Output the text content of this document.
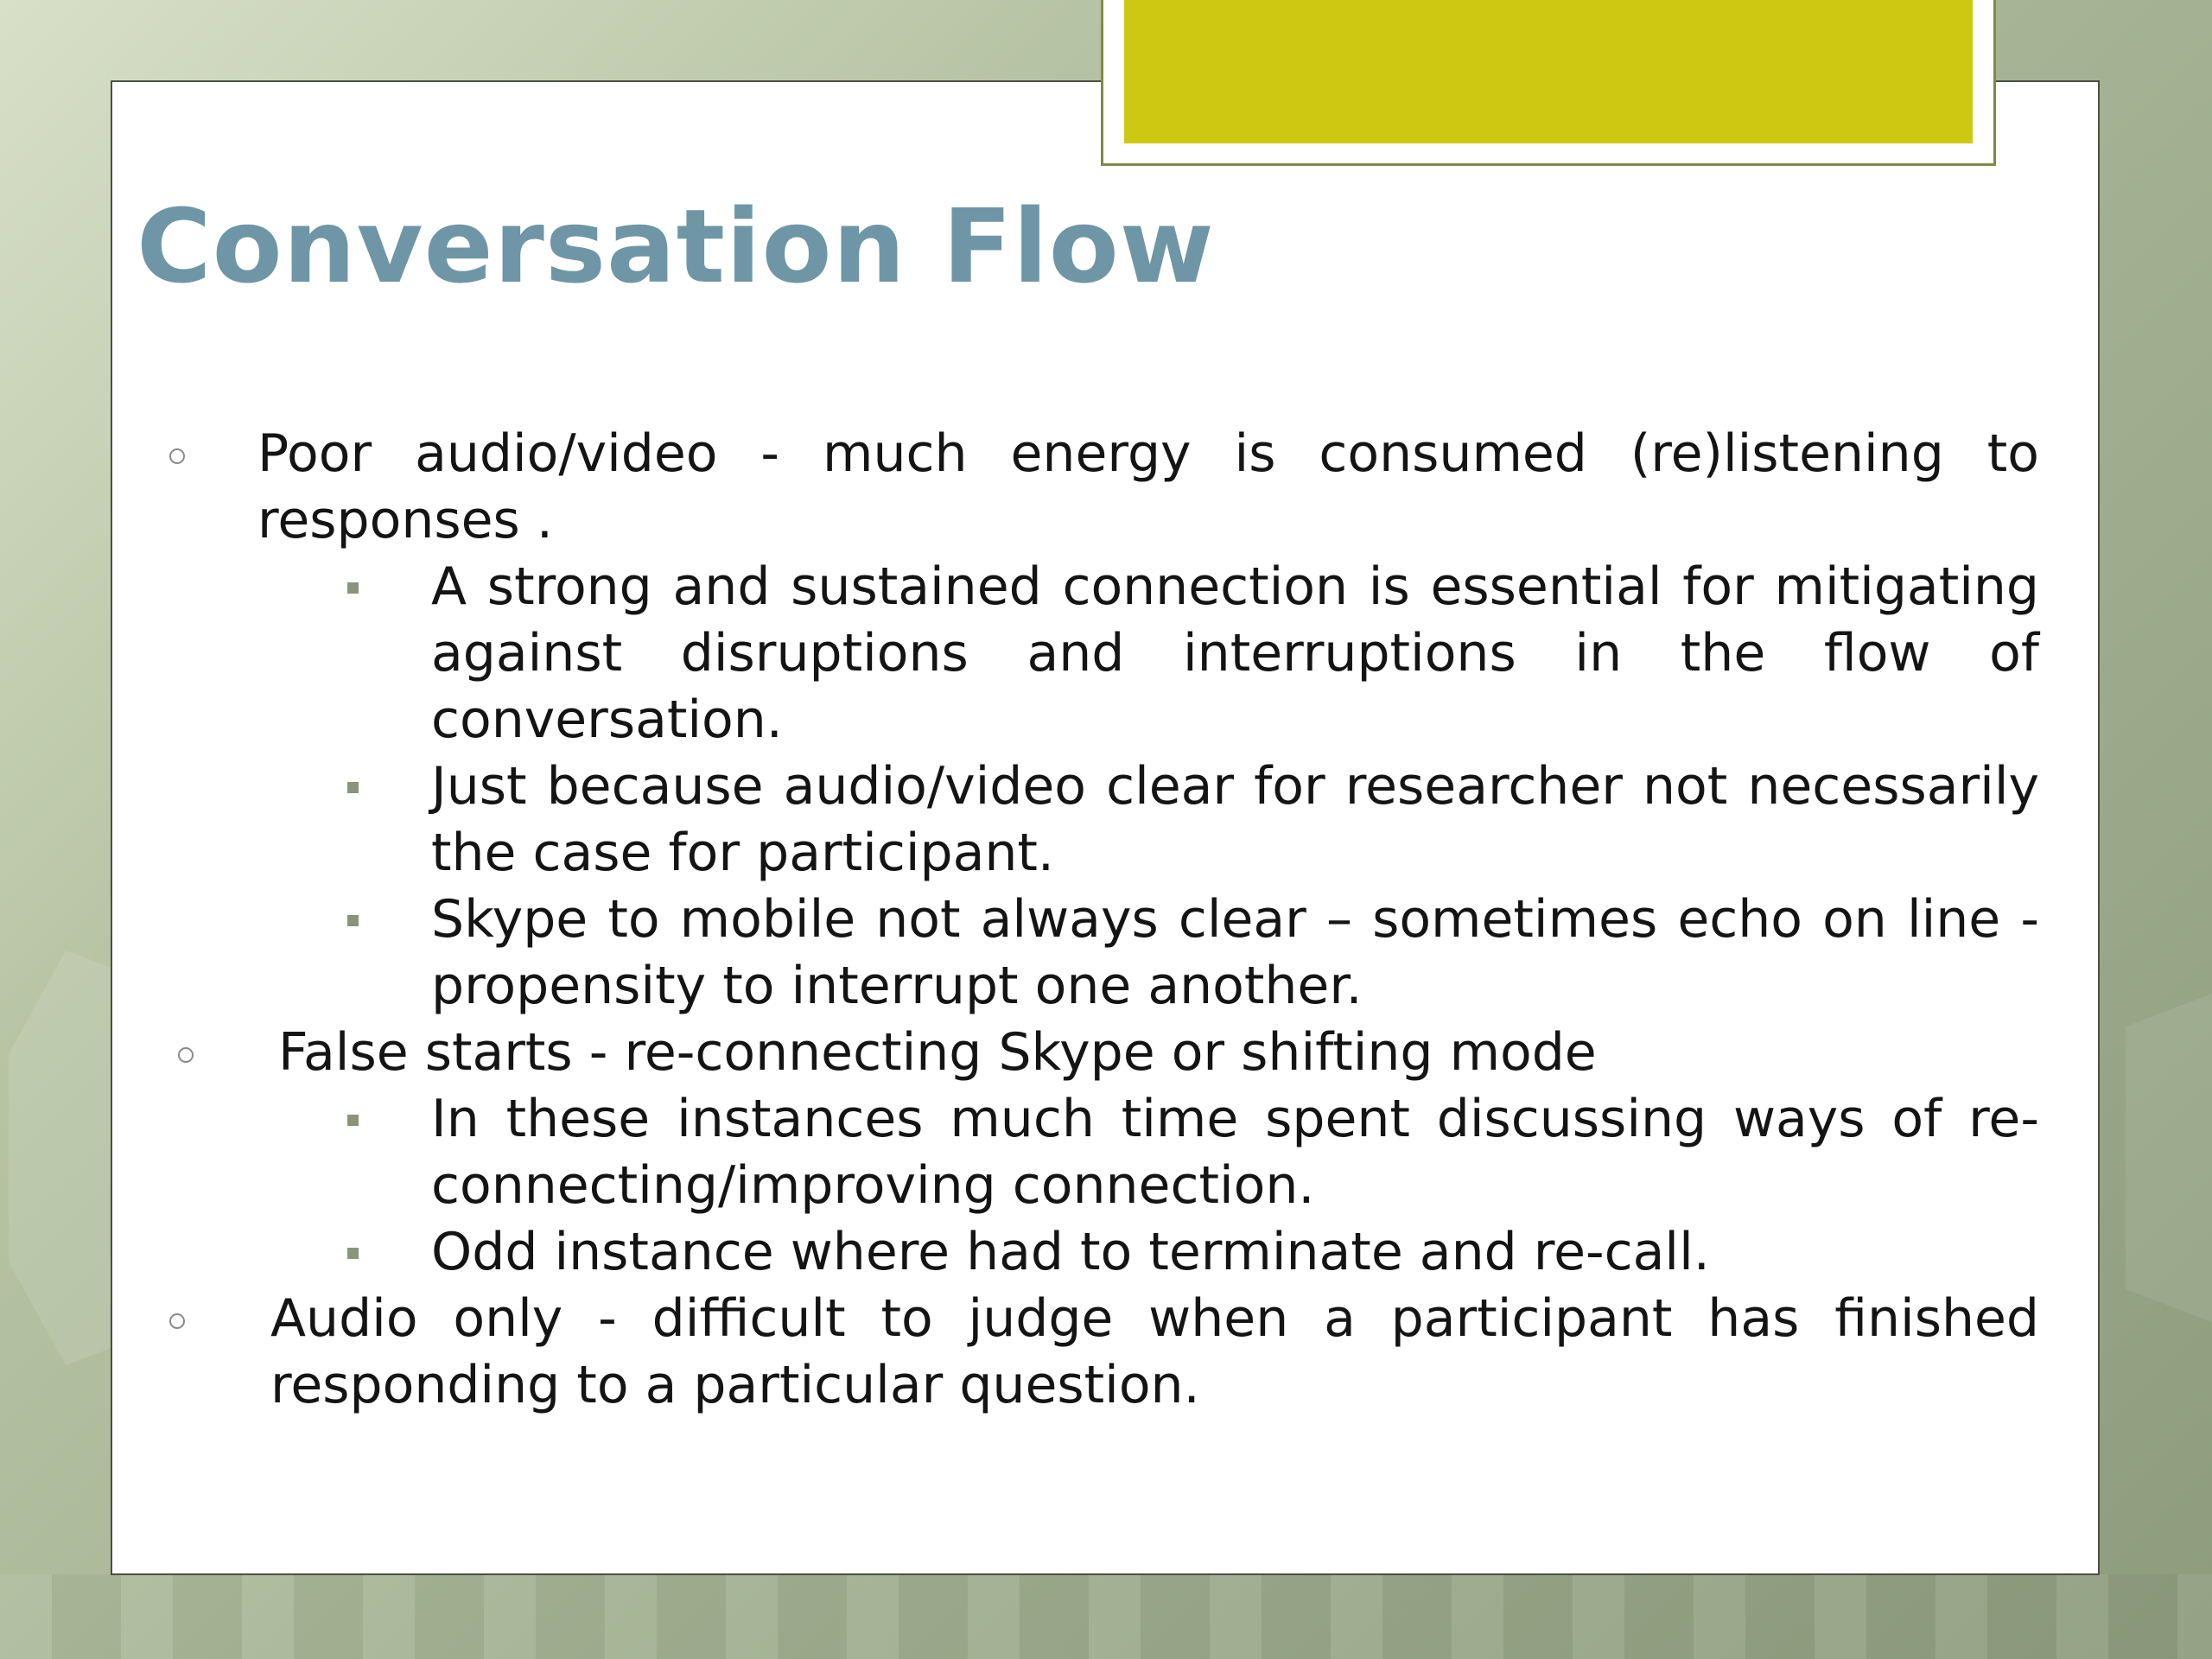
Conversation Flow
Poor audio/video - much energy is consumed (re)listening to responses .
A strong and sustained connection is essential for mitigating against disruptions and interruptions in the flow of conversation.
Just because audio/video clear for researcher not necessarily the case for participant.
Skype to mobile not always clear – sometimes echo on line - propensity to interrupt one another.
False starts - re-connecting Skype or shifting mode
In these instances much time spent discussing ways of re-connecting/improving connection.
Odd instance where had to terminate and re-call.
Audio only - difficult to judge when a participant has finished responding to a particular question.
